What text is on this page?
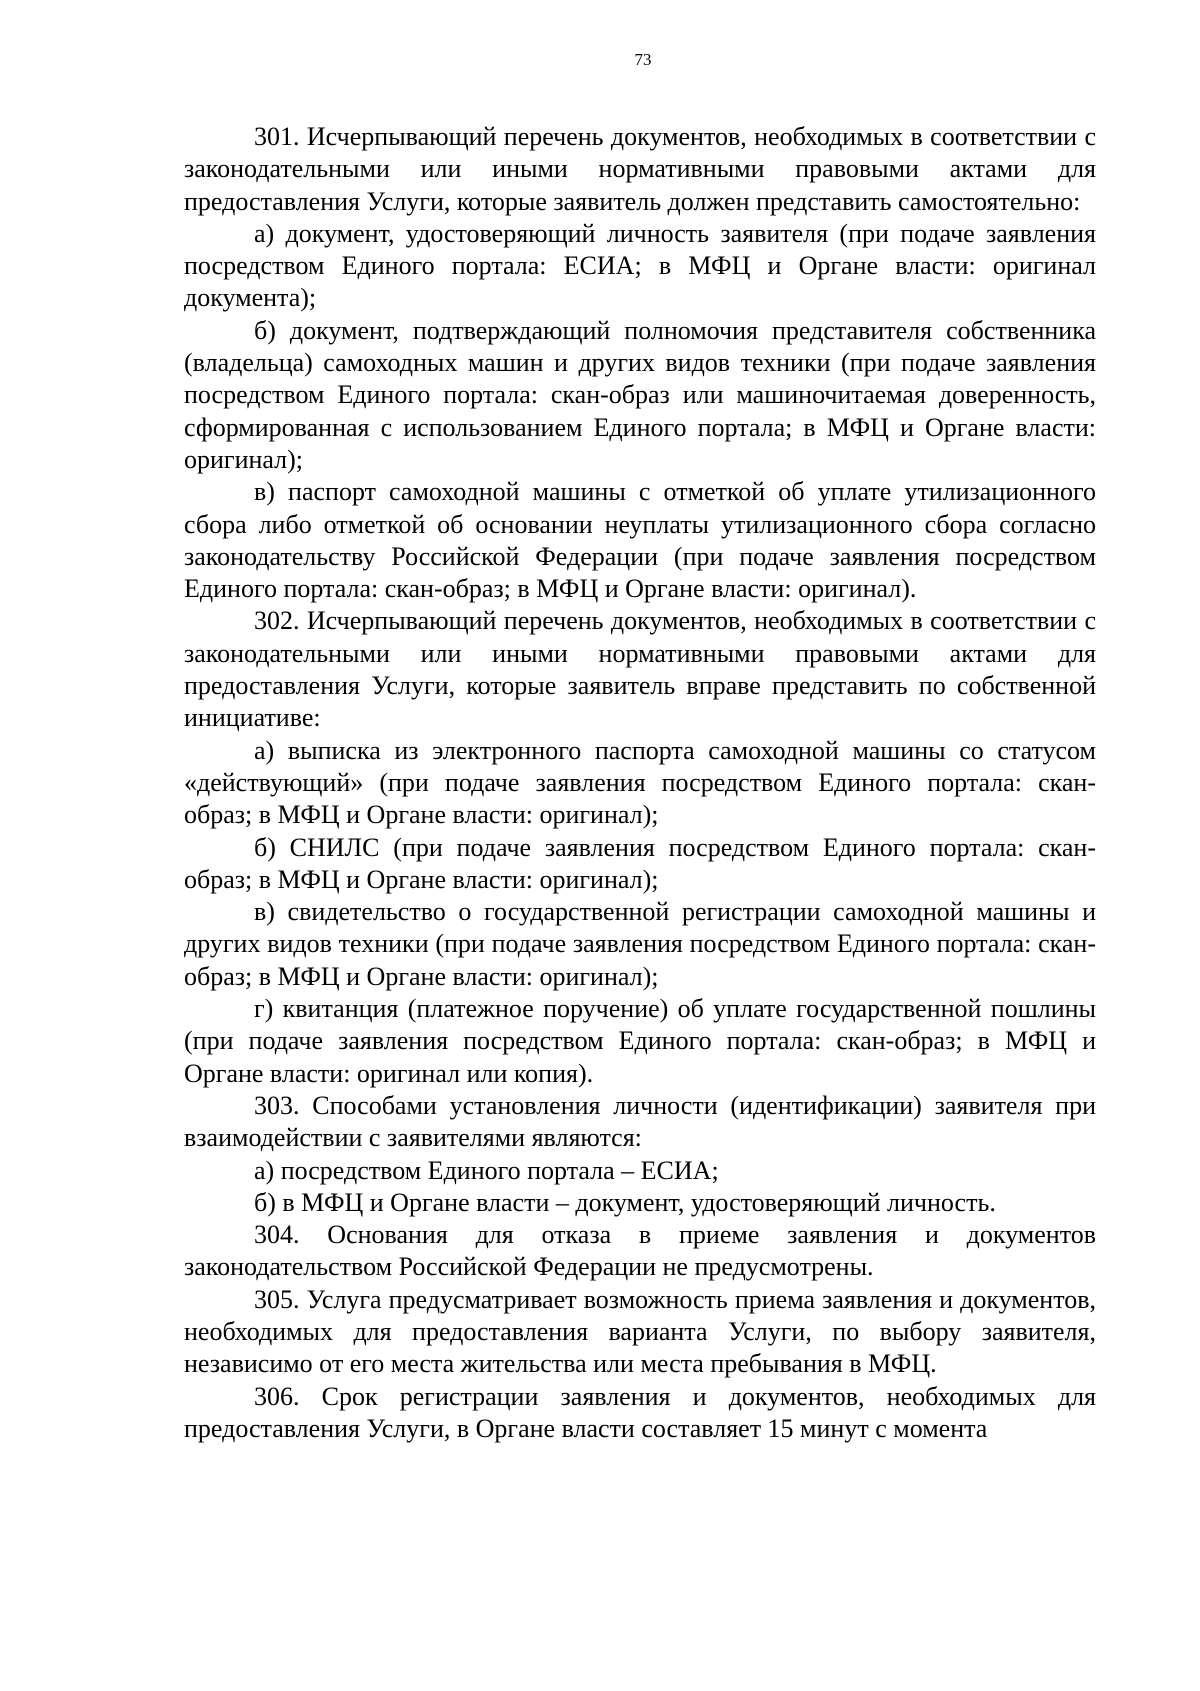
73

301. Исчерпывающий перечень документов, необходимых в соответствии с законодательными или иными нормативными правовыми актами для предоставления Услуги, которые заявитель должен представить самостоятельно:

а) документ, удостоверяющий личность заявителя (при подаче заявления посредством Единого портала: ЕСИА; в МФЦ и Органе власти: оригинал документа);

б) документ, подтверждающий полномочия представителя собственника (владельца) самоходных машин и других видов техники (при подаче заявления посредством Единого портала: скан-образ или машиночитаемая доверенность, сформированная с использованием Единого портала; в МФЦ и Органе власти: оригинал);

в) паспорт самоходной машины с отметкой об уплате утилизационного сбора либо отметкой об основании неуплаты утилизационного сбора согласно законодательству Российской Федерации (при подаче заявления посредством Единого портала: скан-образ; в МФЦ и Органе власти: оригинал).

302. Исчерпывающий перечень документов, необходимых в соответствии с законодательными или иными нормативными правовыми актами для предоставления Услуги, которые заявитель вправе представить по собственной инициативе:

а) выписка из электронного паспорта самоходной машины со статусом «действующий» (при подаче заявления посредством Единого портала: скан-образ; в МФЦ и Органе власти: оригинал);

б) СНИЛС (при подаче заявления посредством Единого портала: скан-образ; в МФЦ и Органе власти: оригинал);

в) свидетельство о государственной регистрации самоходной машины и других видов техники (при подаче заявления посредством Единого портала: скан-образ; в МФЦ и Органе власти: оригинал);

г) квитанция (платежное поручение) об уплате государственной пошлины (при подаче заявления посредством Единого портала: скан-образ; в МФЦ и Органе власти: оригинал или копия).

303. Способами установления личности (идентификации) заявителя при взаимодействии с заявителями являются:

а) посредством Единого портала – ЕСИА;

б) в МФЦ и Органе власти – документ, удостоверяющий личность.

304. Основания для отказа в приеме заявления и документов законодательством Российской Федерации не предусмотрены.

305. Услуга предусматривает возможность приема заявления и документов, необходимых для предоставления варианта Услуги, по выбору заявителя, независимо от его места жительства или места пребывания в МФЦ.

306. Срок регистрации заявления и документов, необходимых для предоставления Услуги, в Органе власти составляет 15 минут с момента
